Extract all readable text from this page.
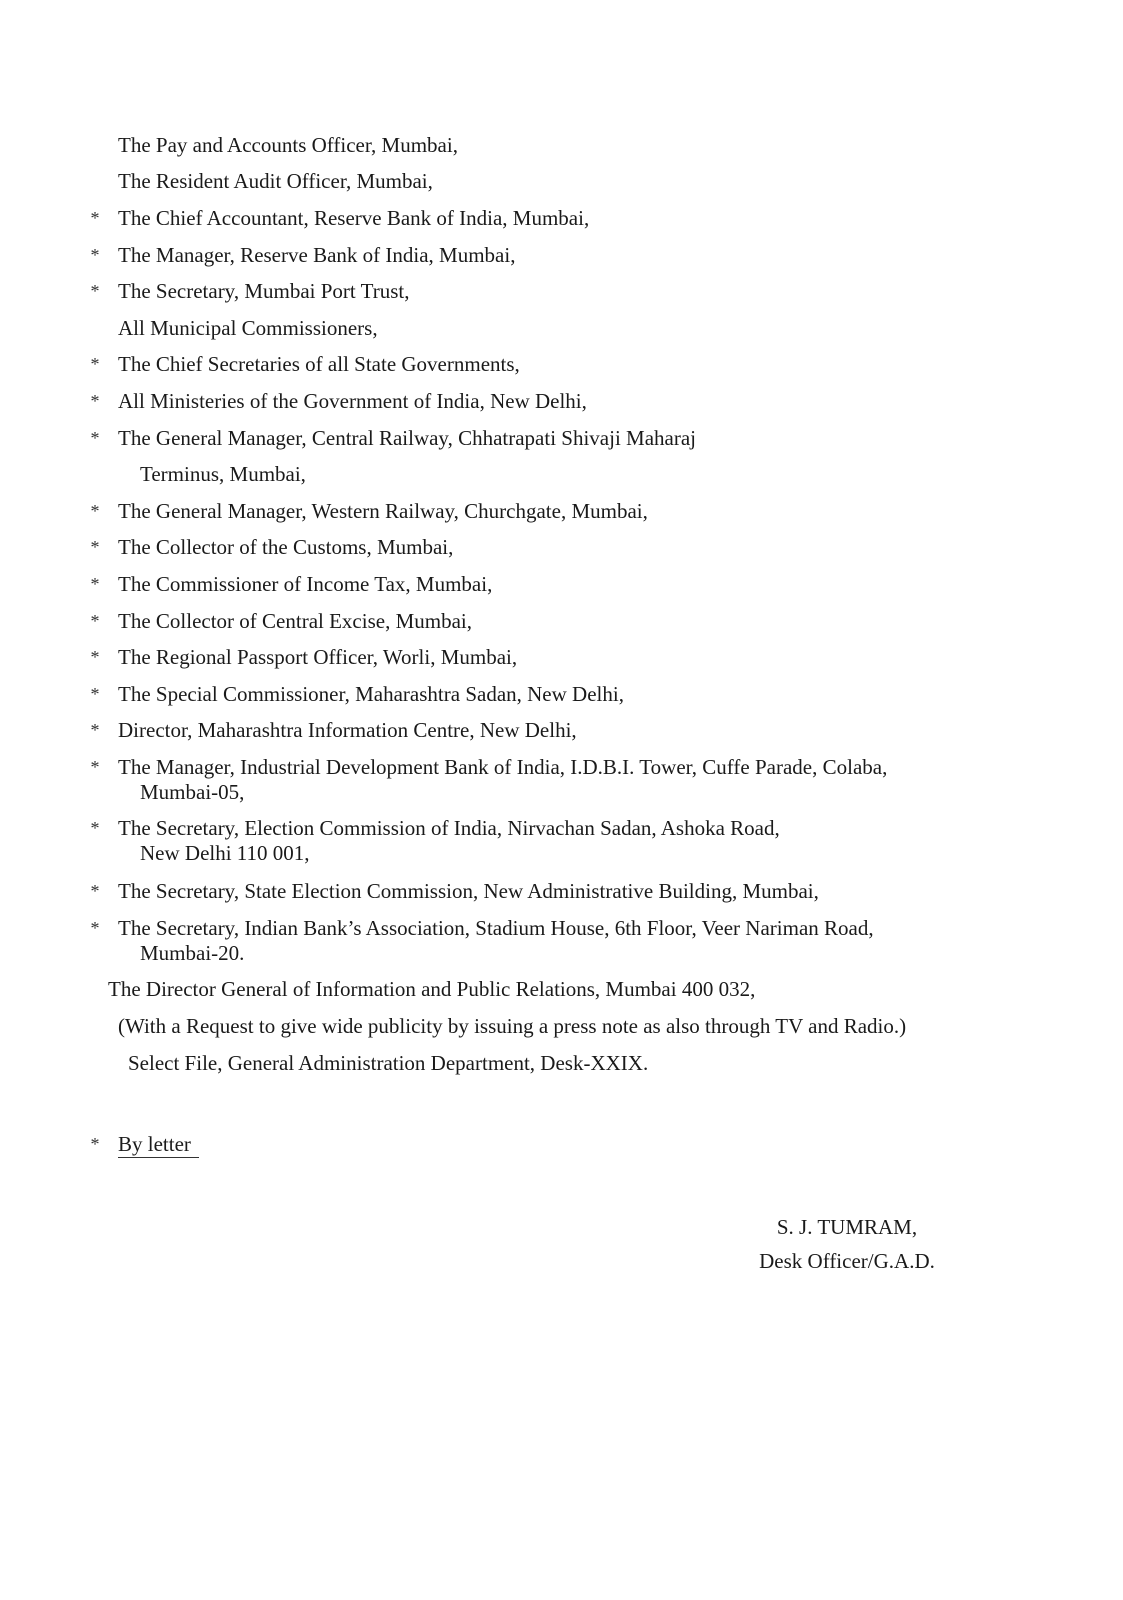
The Pay and Accounts Officer, Mumbai,
The Resident Audit Officer, Mumbai,
* The Chief Accountant, Reserve Bank of India, Mumbai,
* The Manager, Reserve Bank of India, Mumbai,
* The Secretary, Mumbai Port Trust,
All Municipal Commissioners,
* The Chief Secretaries of all State Governments,
* All Ministeries of the Government of India, New Delhi,
* The General Manager, Central Railway, Chhatrapati Shivaji Maharaj
Terminus, Mumbai,
* The General Manager, Western Railway, Churchgate, Mumbai,
* The Collector of the Customs, Mumbai,
* The Commissioner of Income Tax, Mumbai,
* The Collector of Central Excise, Mumbai,
* The Regional Passport Officer, Worli, Mumbai,
* The Special Commissioner, Maharashtra Sadan, New Delhi,
* Director, Maharashtra Information Centre, New Delhi,
* The Manager, Industrial Development Bank of India, I.D.B.I. Tower, Cuffe Parade, Colaba,
Mumbai-05,
* The Secretary, Election Commission of India, Nirvachan Sadan, Ashoka Road,
New Delhi 110 001,
* The Secretary, State Election Commission, New Administrative Building, Mumbai,
* The Secretary, Indian Bank’s Association, Stadium House, 6th Floor, Veer Nariman Road,
Mumbai-20.
The Director General of Information and Public Relations, Mumbai 400 032,
(With a Request to give wide publicity by issuing a press note as also through TV and Radio.)
Select File, General Administration Department, Desk-XXIX.
* By letter
S. J. TUMRAM,
Desk Officer/G.A.D.
